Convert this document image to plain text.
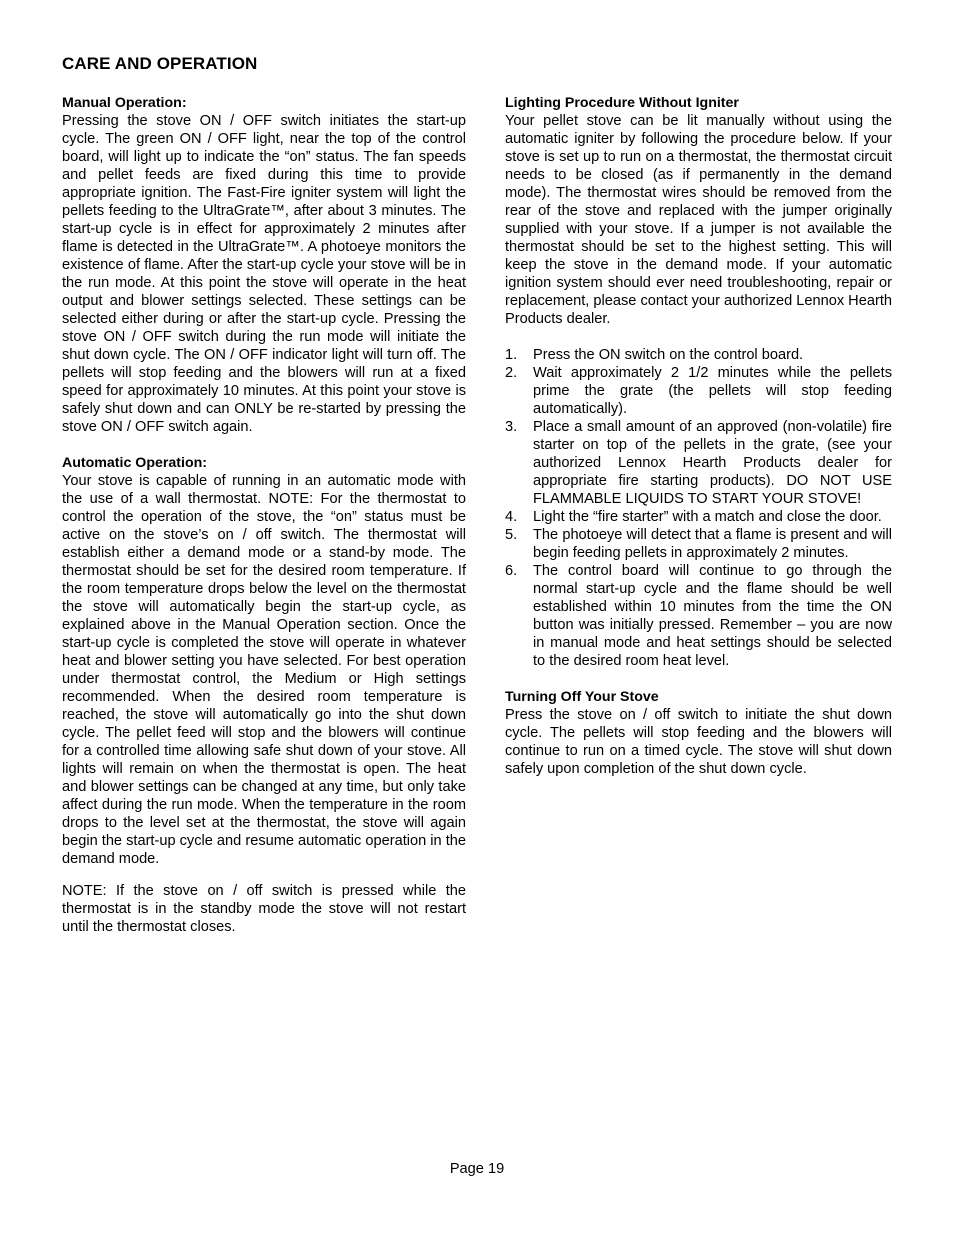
CARE AND OPERATION

Manual Operation:

Pressing the stove ON / OFF switch initiates the start-up cycle. The green ON / OFF light, near the top of the control board, will light up to indicate the “on” status. The fan speeds and pellet feeds are fixed during this time to provide appropriate ignition. The Fast-Fire igniter system will light the pellets feeding to the UltraGrate™, after about 3 minutes. The start-up cycle is in effect for approximately 2 minutes after flame is detected in the UltraGrate™. A photoeye monitors the existence of flame. After the start-up cycle your stove will be in the run mode. At this point the stove will operate in the heat output and blower settings selected. These settings can be selected either during or after the start-up cycle. Pressing the stove ON / OFF switch during the run mode will initiate the shut down cycle. The ON / OFF indicator light will turn off. The pellets will stop feeding and the blowers will run at a fixed speed for approximately 10 minutes. At this point your stove is safely shut down and can ONLY be re-started by pressing the stove ON / OFF switch again.

Automatic Operation:

Your stove is capable of running in an automatic mode with the use of a wall thermostat. NOTE: For the thermostat to control the operation of the stove, the “on” status must be active on the stove’s on / off switch. The thermostat will establish either a demand mode or a stand-by mode. The thermostat should be set for the desired room temperature. If the room temperature drops below the level on the thermostat the stove will automatically begin the start-up cycle, as explained above in the Manual Operation section. Once the start-up cycle is completed the stove will operate in whatever heat and blower setting you have selected. For best operation under thermostat control, the Medium or High settings recommended. When the desired room temperature is reached, the stove will automatically go into the shut down cycle. The pellet feed will stop and the blowers will continue for a controlled time allowing safe shut down of your stove. All lights will remain on when the thermostat is open. The heat and blower settings can be changed at any time, but only take affect during the run mode. When the temperature in the room drops to the level set at the thermostat, the stove will again begin the start-up cycle and resume automatic operation in the demand mode.

NOTE: If the stove on / off switch is pressed while the thermostat is in the standby mode the stove will not restart until the thermostat closes.

Lighting Procedure Without Igniter

Your pellet stove can be lit manually without using the automatic igniter by following the procedure below. If your stove is set up to run on a thermostat, the thermostat circuit needs to be closed (as if permanently in the demand mode). The thermostat wires should be removed from the rear of the stove and replaced with the jumper originally supplied with your stove. If a jumper is not available the thermostat should be set to the highest setting. This will keep the stove in the demand mode. If your automatic ignition system should ever need troubleshooting, repair or replacement, please contact your authorized Lennox Hearth Products dealer.

1.	Press the ON switch on the control board.
2.	Wait approximately 2 1/2 minutes while the pellets prime the grate (the pellets will stop feeding automatically).
3.	Place a small amount of an approved (non-volatile) fire starter on top of the pellets in the grate, (see your authorized Lennox Hearth Products dealer for appropriate fire starting products). DO NOT USE FLAMMABLE LIQUIDS TO START YOUR STOVE!
4.	Light the “fire starter” with a match and close the door.
5.	The photoeye will detect that a flame is present and will begin feeding pellets in approximately 2 minutes.
6.	The control board will continue to go through the normal start-up cycle and the flame should be well established within 10 minutes from the time the ON button was initially pressed. Remember – you are now in manual mode and heat settings should be selected to the desired room heat level.

Turning Off Your Stove

Press the stove on / off switch to initiate the shut down cycle. The pellets will stop feeding and the blowers will continue to run on a timed cycle. The stove will shut down safely upon completion of the shut down cycle.

Page 19
